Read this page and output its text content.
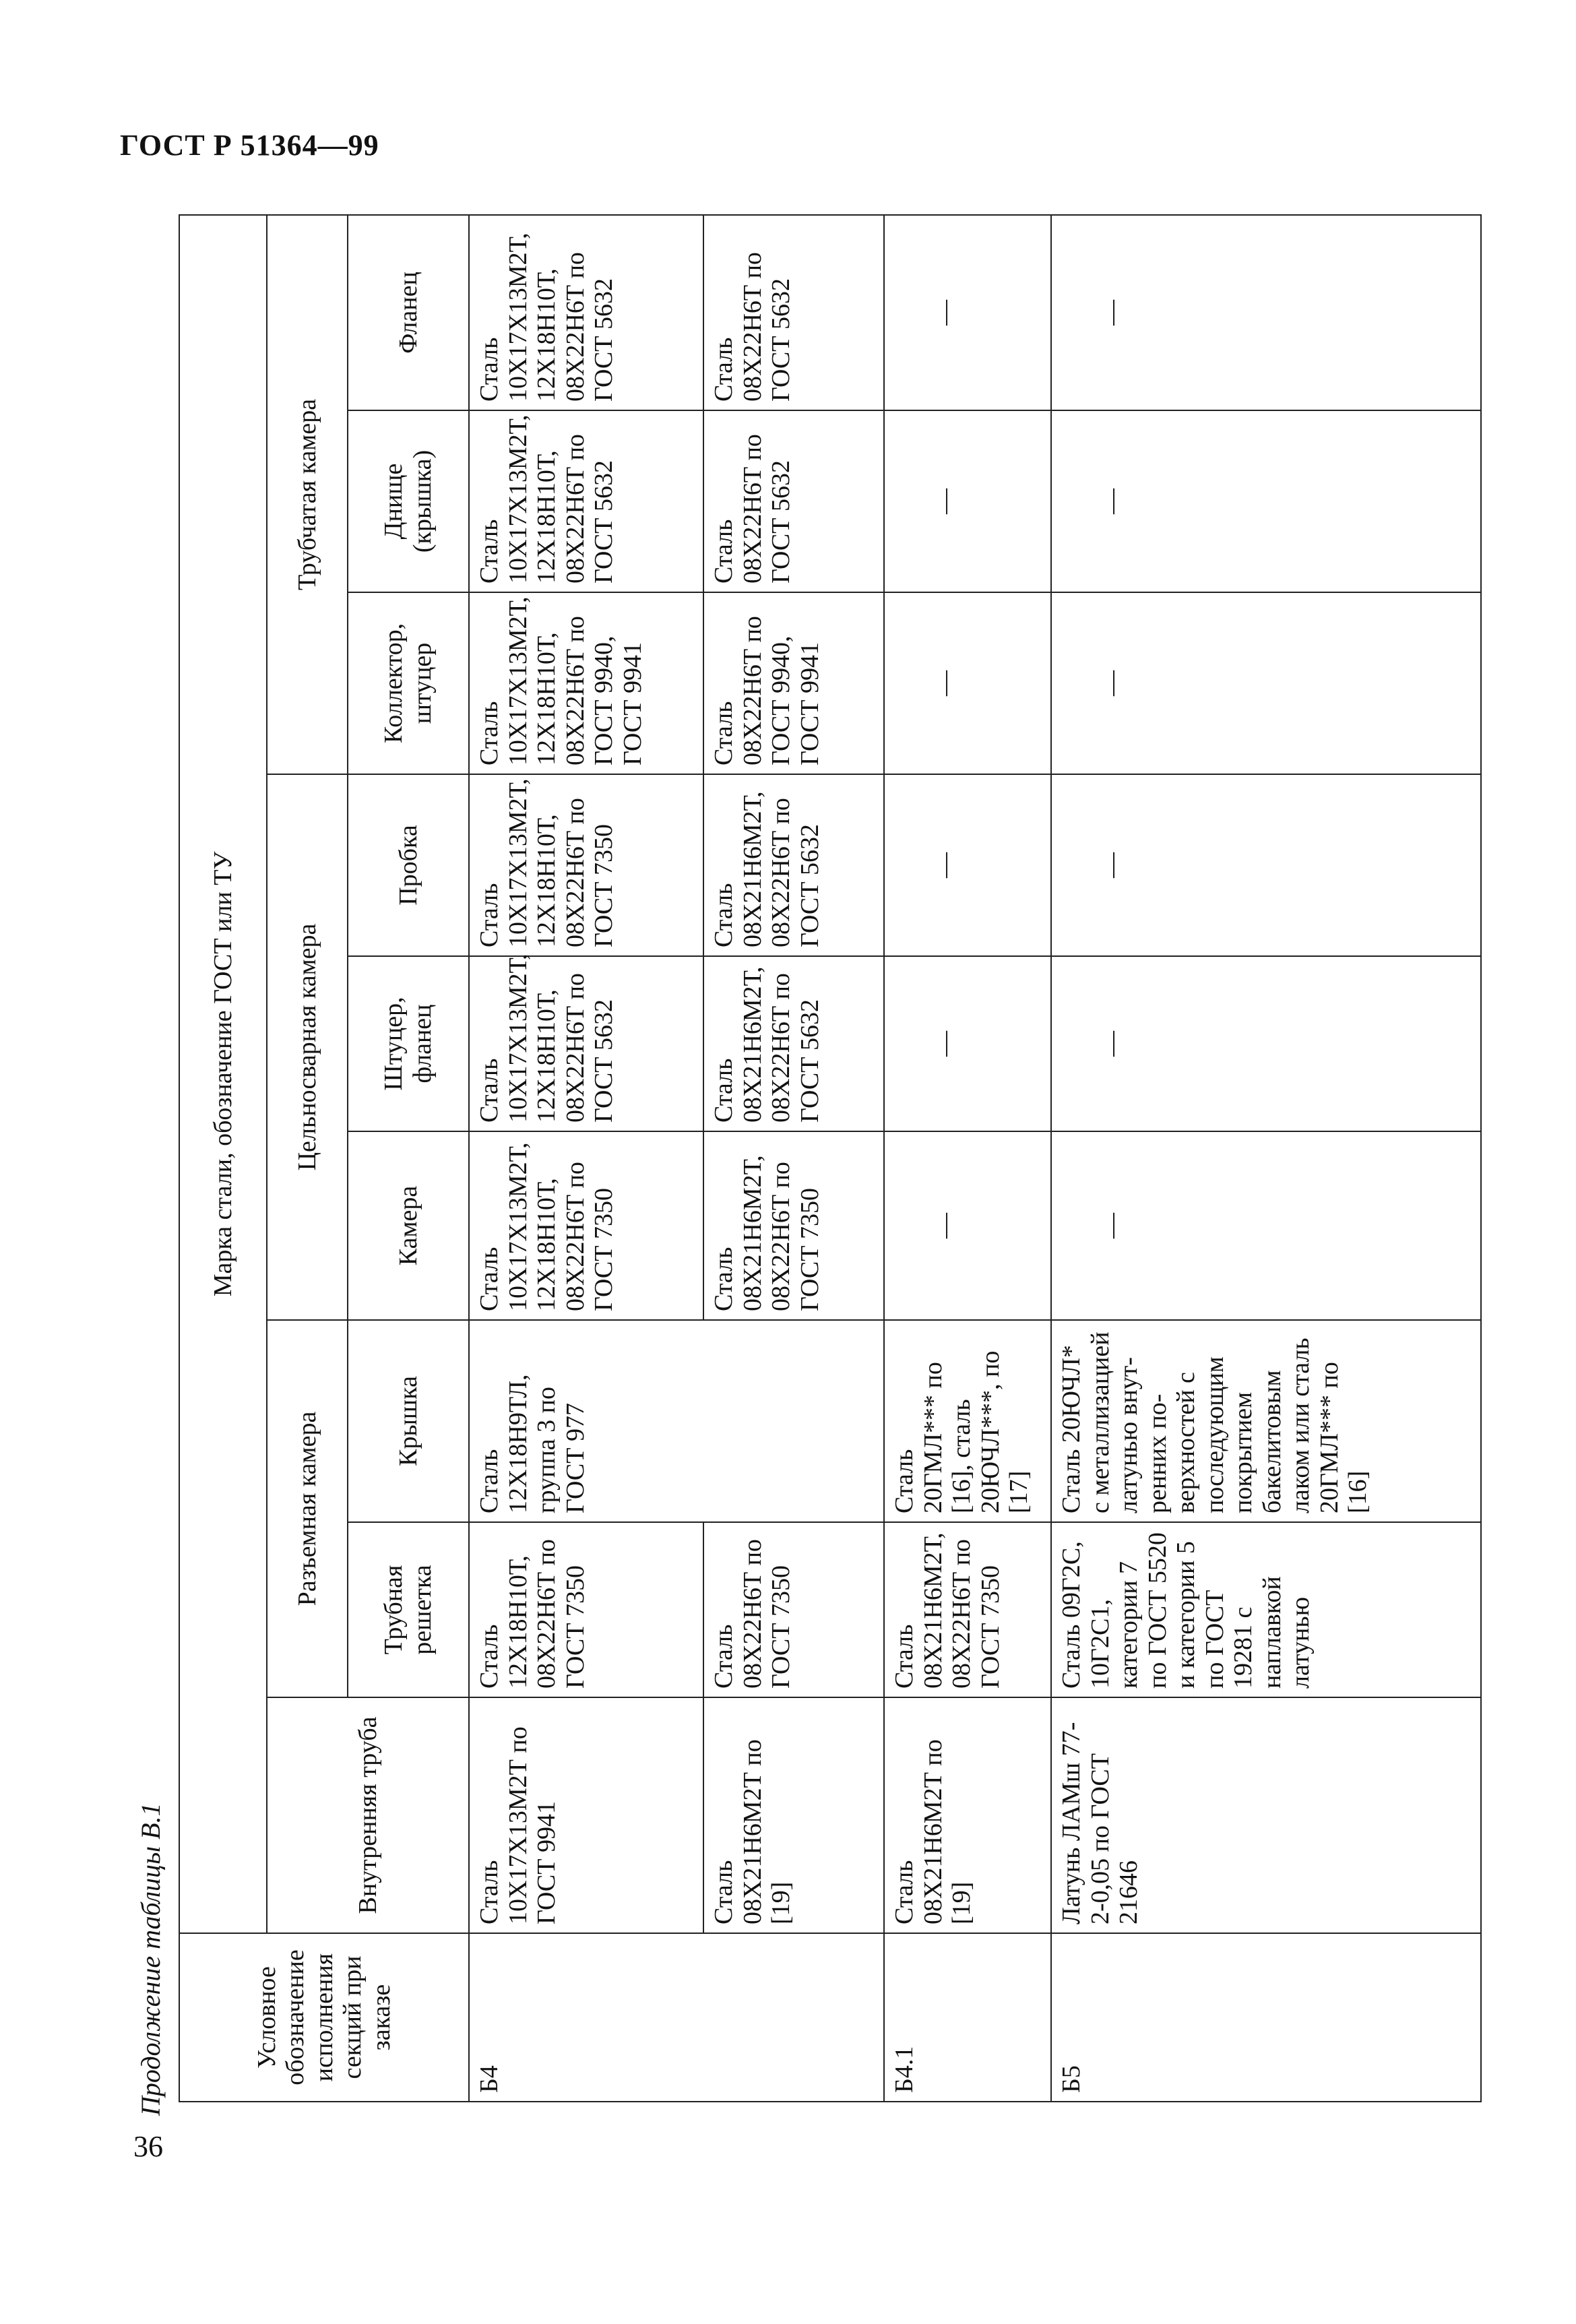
ГОСТ Р 51364—99
Продолжение таблицы В.1
36
Условное обозначение исполнения секций при заказе	Марка стали, обозначение ГОСТ или ТУ								
	Внутренняя труба	Разъемная камера		Цельносварная камера			Трубчатая камера		
		Трубная решетка	Крышка	Камера	Штуцер, фланец	Пробка	Коллектор, штуцер	Днище (крышка)	Фланец
Б4	Сталь 10Х17Х13М2Т по ГОСТ 9941	Сталь 12Х18Н10Т, 08Х22Н6Т по ГОСТ 7350	Сталь 12Х18Н9ТЛ, группа 3 по ГОСТ 977	Сталь 10Х17Х13М2Т, 12Х18Н10Т, 08Х22Н6Т по ГОСТ 7350	Сталь 10Х17Х13М2Т, 12Х18Н10Т, 08Х22Н6Т по ГОСТ 5632	Сталь 10Х17Х13М2Т, 12Х18Н10Т, 08Х22Н6Т по ГОСТ 7350	Сталь 10Х17Х13М2Т, 12Х18Н10Т, 08Х22Н6Т по ГОСТ 9940, ГОСТ 9941	Сталь 10Х17Х13М2Т, 12Х18Н10Т, 08Х22Н6Т по ГОСТ 5632	Сталь 10Х17Х13М2Т, 12Х18Н10Т, 08Х22Н6Т по ГОСТ 5632
	Сталь 08Х21Н6М2Т по [19]	Сталь 08Х22Н6Т по ГОСТ 7350		Сталь 08Х21Н6М2Т, 08Х22Н6Т по ГОСТ 7350	Сталь 08Х21Н6М2Т, 08Х22Н6Т по ГОСТ 5632	Сталь 08Х21Н6М2Т, 08Х22Н6Т по ГОСТ 5632	Сталь 08Х22Н6Т по ГОСТ 9940, ГОСТ 9941	Сталь 08Х22Н6Т по ГОСТ 5632	Сталь 08Х22Н6Т по ГОСТ 5632
Б4.1	Сталь 08Х21Н6М2Т по [19]	Сталь 08Х21Н6М2Т, 08Х22Н6Т по ГОСТ 7350	Сталь 20ГМЛ*** по [16], сталь 20ЮЧЛ***, по [17]	—	—	—	—	—	—
Б5	Латунь ЛАМш 77-2-0,05 по ГОСТ 21646	Сталь 09Г2С, 10Г2С1, категории 7 по ГОСТ 5520 и категории 5 по ГОСТ 19281 с наплавкой латунью	Сталь 20ЮЧЛ* с металлизацией латунью внут-ренних по-верхностей с последующим покрытием бакелитовым лаком или сталь 20ГМЛ*** по [16]	—	—	—	—	—	—
